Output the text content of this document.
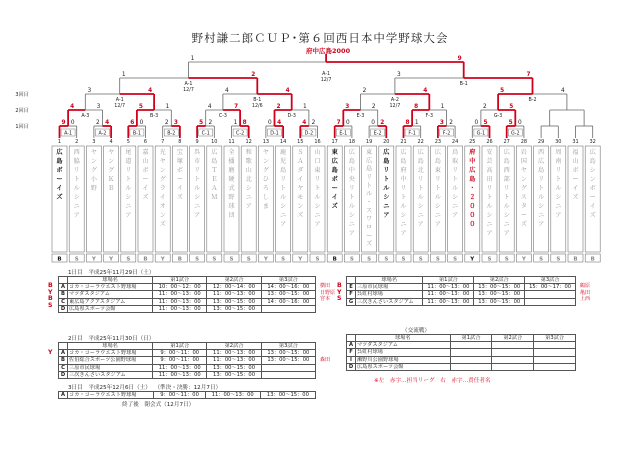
3回目
2回目
1回目
1
広
島
ボ
ー
イ
ズ
B
2
西
脇
リ
ト
ル
シ
ニ
ア
S
3
ヤ
ン
グ
小
野
Y
4
ヤ
ン
グ
Ｋ
Ｂ
Y
5
尾
道
リ
ト
ル
シ
ニ
ア
S
6
嘉
山
ボ
ー
イ
ズ
B
7
光
ヤ
ン
グ
ラ
イ
オ
ン
ズ
Y
8
宝
塚
ボ
ー
イ
ズ
B
9
呉
市
リ
ト
ル
シ
ニ
ア
S
10
広
島
Ｔ
Ｅ
Ａ
Ｍ
S
11
全
播
磨
硬
式
野
球
団
S
12
和
歌
山
北
シ
ニ
ア
S
13
ヤ
ン
グ
ひ
ろ
し
ま
Y
14
鹿
児
島
リ
ト
ル
シ
ニ
ア
S
15
Ｓ
Ａ
ダ
イ
ヤ
モ
ン
ズ
Y
16
山
口
東
リ
ト
ル
シ
ニ
ア
S
17
東
広
島
ボ
ー
イ
ズ
B
18
広
島
中
央
リ
ト
ル
シ
ニ
ア
S
19
東
広
島
リ
ト
ル
・
ス
ワ
ロ
ー
ズ
S
20
広
島
リ
ト
ル
シ
ニ
ア
S
21
広
島
府
中
リ
ト
ル
シ
ニ
ア
S
22
広
島
北
リ
ト
ル
シ
ニ
ア
S
23
広
島
東
リ
ト
ル
シ
ニ
ア
S
24
鳥
取
リ
ト
ル
シ
ニ
ア
S
25
府
中
広
島
・
２
０
０
０
Y
26
安
芸
高
田
リ
ト
ル
シ
ニ
ア
S
27
広
島
西
部
リ
ト
ル
シ
ニ
ア
S
28
岩
国
ヤ
ン
グ
ス
タ
ー
ズ
Y
29
西
広
島
リ
ト
ル
シ
ニ
ア
S
30
周
南
リ
ト
ル
シ
ニ
ア
S
31
福
山
ボ
ー
イ
ズ
B
32
広
島
シ
ン
ボ
ー
イ
ズ
B
9 0
A-1
2 4
A-2
6 0
B-1
2 3
B-2
5 2
C-1
1 8
C-2
0 4
D-1
4 2
D-2
7 0
E-1
0 2
E-2
8 1
F-1
3 2
F-2
0 5
G-1
5 0
G-2
4	3
A-3
5	1
B-3
4	7
C-3
2	1
D-3
3	2
E-3
8	1
F-3
2	5
G-3
3	4
A-1
12/7
4	4
B-1
12/6
2	4
A-2
12/7
5	4
B-2
1	2
A-1
12/7
3	7
B-1
1	9
A-1
12/7
野村謙二郎ＣＵＰ･第６回西日本中学野球大会
府中広島2000
1日目　平成25年11月29日（土）
	球場名	第1試合	第2試合	第3試合
A	コカ・コーラウエスト野球場	10：00～12：00	12：00～14：00	14：00～16：00
B	マツダスタジアム	11：00～13：00	11：00～13：00	13：00～15：00
C	東広島アクアスタジアム	11：00～13：00	13：00～15：00	14：00～16：00
D	広島県スポーツ会館	11：00～13：00	13：00～15：00	
B
Y
B
S
横田
日野原
宮本
	球場名	第1試合	第2試合	第3試合
E	三原市民球場	11：00～13：00	13：00～15：00	15：00～17：00
F	呉虹村球場	11：00～13：00	13：00～15：00	
G	三次きんさいスタジアム	11：00～13：00	13：00～15：00	
B
Y
S
鶴原
亀田
上西
2日目　平成25年11月30日（日）
	球場名	第1試合	第2試合	第3試合
A	コカ・コーラウエスト野球場	9：00～11：00	11：00～13：00	13：00～15：00
B	佐伯総合スポーツ公園野球場	9：00～11：00	11：00～13：00	13：00～15：00
C	三原市民球場	11：00～13：00	13：00～15：00	
D	三次きんさいスタジアム	11：00～13：00	13：00～15：00	
Y
森田
3日目　平成25年12月6日（土） （準決・決勝：12月7日）
A	コカ・コーラウエスト野球場	9：00～11：00	11：00～13：00	13：00～15：00
終了後　閉会式（12月7日）
（交流戦）
	球場名	第1試合	第2試合	第3試合
A	マツダスタジアム			
F	呉虹村球場			
I	瀬野川公園野球場			
D	広島県スポーツ会館			
※左　赤字…担当リーグ　右　赤字…責任者名
